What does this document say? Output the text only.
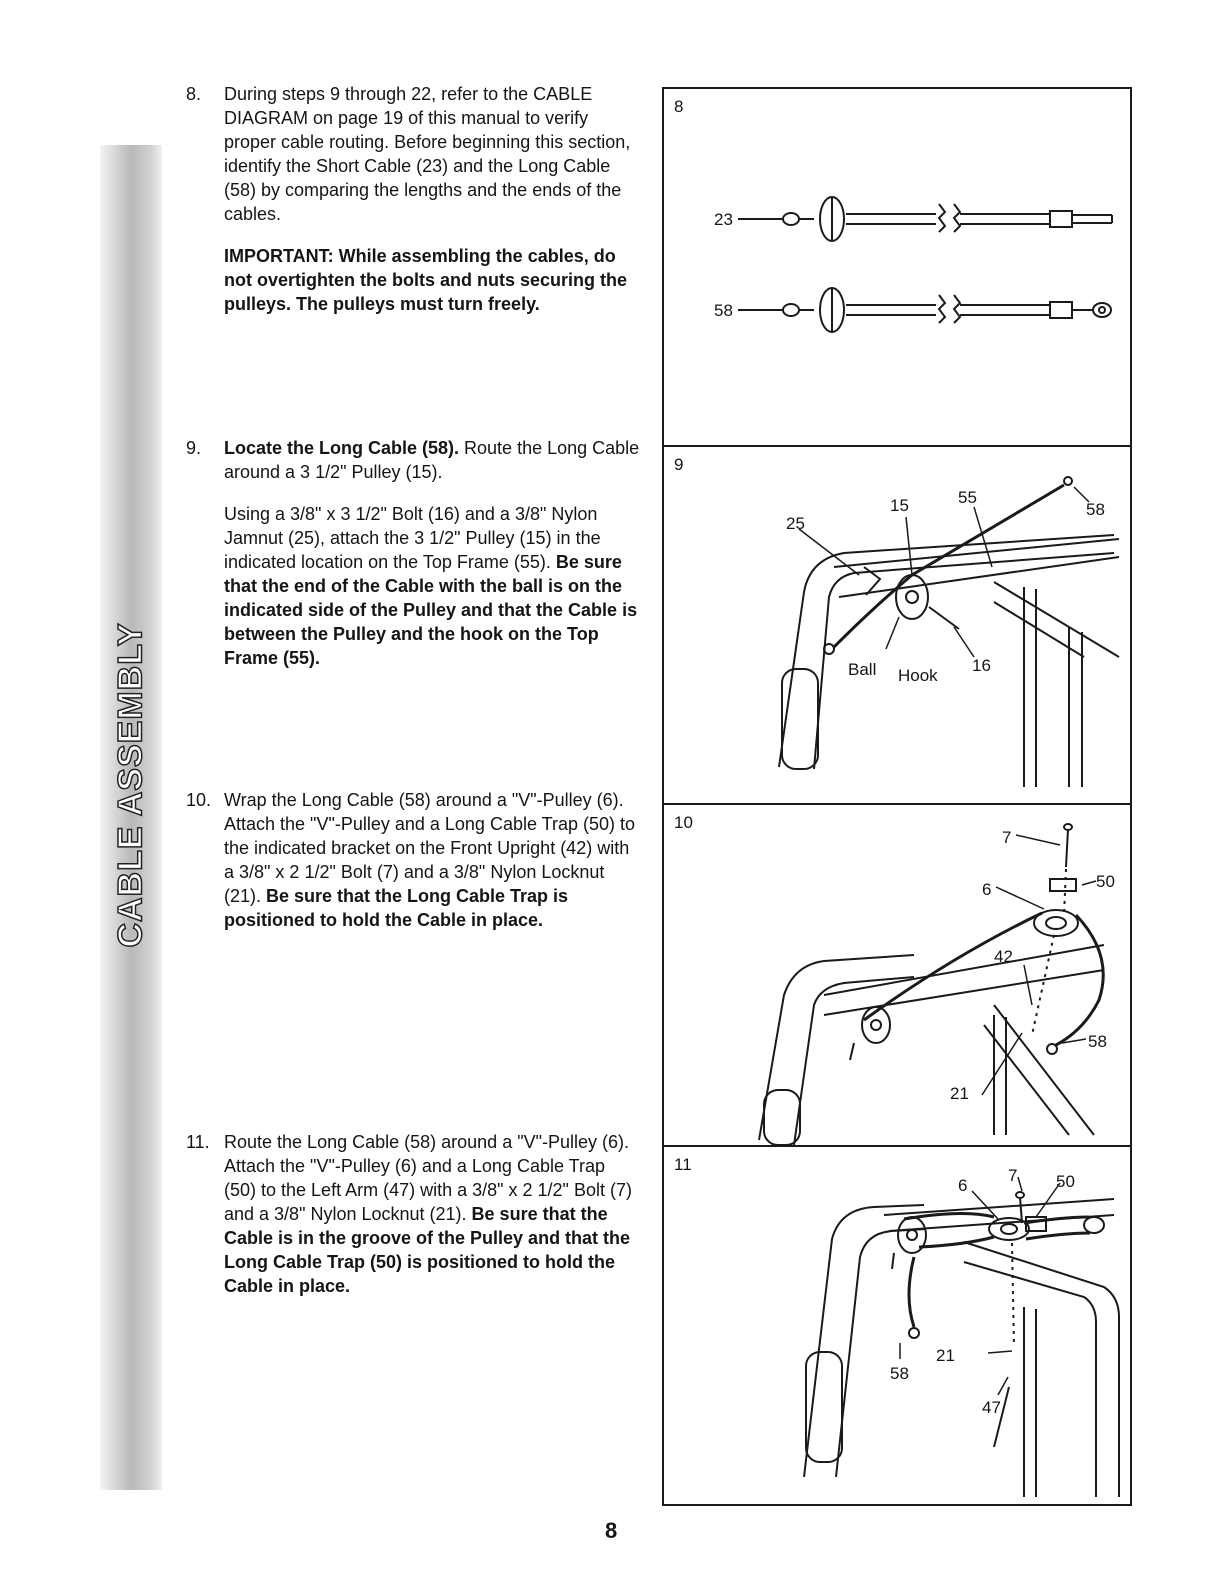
CABLE ASSEMBLY
8. During steps 9 through 22, refer to the CABLE DIAGRAM on page 19 of this manual to verify proper cable routing. Before beginning this section, identify the Short Cable (23) and the Long Cable (58) by comparing the lengths and the ends of the cables.

IMPORTANT: While assembling the cables, do not overtighten the bolts and nuts securing the pulleys. The pulleys must turn freely.

9. Locate the Long Cable (58). Route the Long Cable around a 3 1/2" Pulley (15).

Using a 3/8" x 3 1/2" Bolt (16) and a 3/8" Nylon Jamnut (25), attach the 3 1/2" Pulley (15) in the indicated location on the Top Frame (55). Be sure that the end of the Cable with the ball is on the indicated side of the Pulley and that the Cable is between the Pulley and the hook on the Top Frame (55).

10. Wrap the Long Cable (58) around a "V"-Pulley (6). Attach the "V"-Pulley and a Long Cable Trap (50) to the indicated bracket on the Front Upright (42) with a 3/8" x 2 1/2" Bolt (7) and a 3/8" Nylon Locknut (21). Be sure that the Long Cable Trap is positioned to hold the Cable in place.

11. Route the Long Cable (58) around a "V"-Pulley (6). Attach the "V"-Pulley (6) and a Long Cable Trap (50) to the Left Arm (47) with a 3/8" x 2 1/2" Bolt (7) and a 3/8" Nylon Locknut (21). Be sure that the Cable is in the groove of the Pulley and that the Long Cable Trap (50) is positioned to hold the Cable in place.

8
23
58
9
25
15	55
58
Ball Hook
16
10
7
50
6
42
58
21
11
6
7 50
21
58
47
8
